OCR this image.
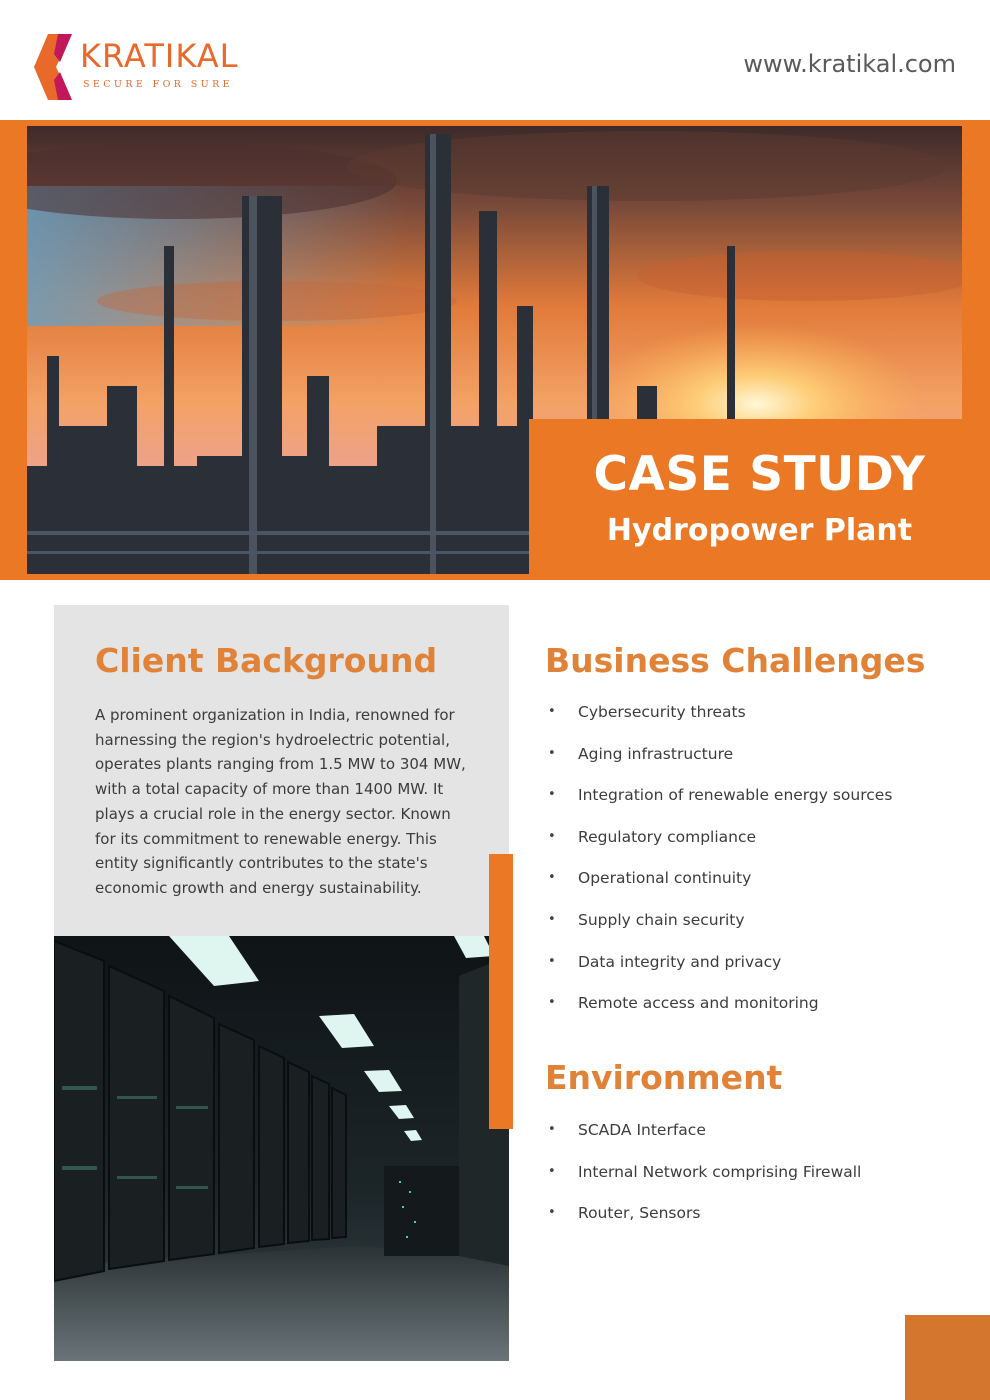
KRATIKAL
SECURE FOR SURE
www.kratikal.com
CASE STUDY
Hydropower Plant
Client Background
A prominent organization in India, renowned for harnessing the region's hydroelectric potential, operates plants ranging from 1.5 MW to 304 MW, with a total capacity of more than 1400 MW. It plays a crucial role in the energy sector. Known for its commitment to renewable energy. This entity significantly contributes to the state's economic growth and energy sustainability.
Business Challenges
• Cybersecurity threats
• Aging infrastructure
• Integration of renewable energy sources
• Regulatory compliance
• Operational continuity
• Supply chain security
• Data integrity and privacy
• Remote access and monitoring
Environment
• SCADA Interface
• Internal Network comprising Firewall
• Router, Sensors
